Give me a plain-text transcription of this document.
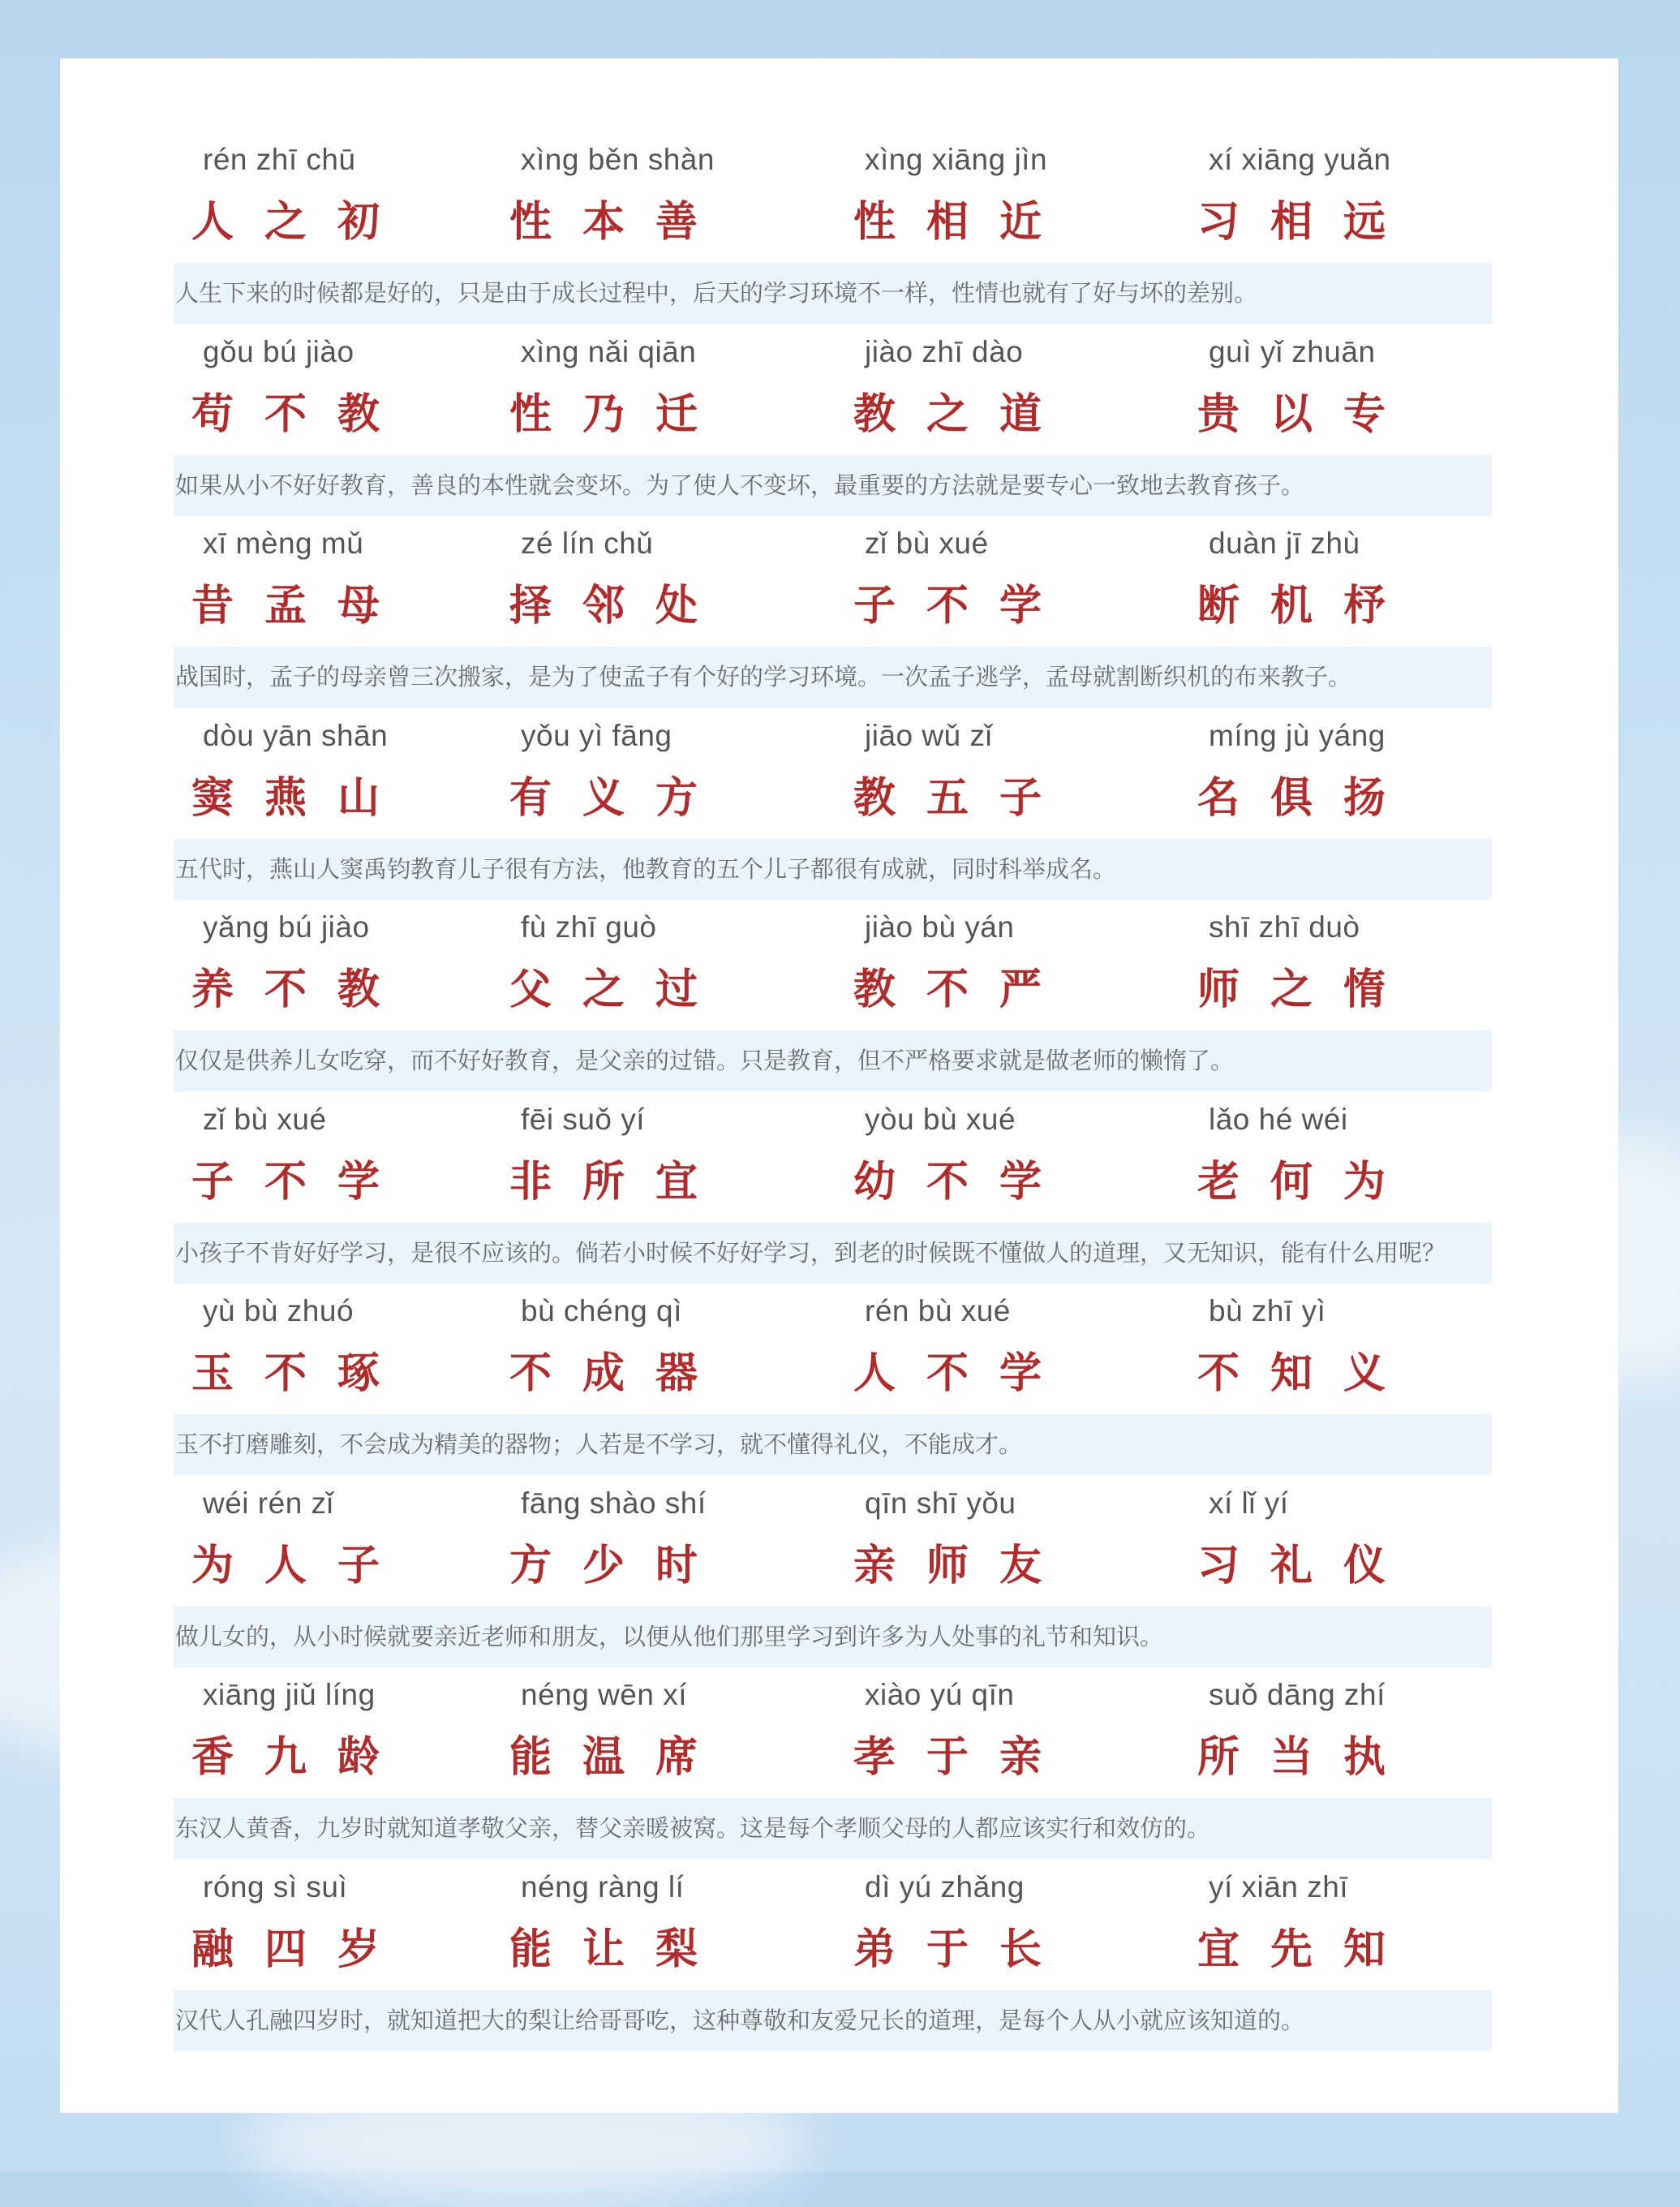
rén zhī chū
人之初
xìng běn shàn
性本善
xìng xiāng jìn
性相近
xí xiāng yuǎn
习相远
人生下来的时候都是好的，只是由于成长过程中，后天的学习环境不一样，性情也就有了好与坏的差别。
gǒu bú jiào
苟不教
xìng nǎi qiān
性乃迁
jiào zhī dào
教之道
guì yǐ zhuān
贵以专
如果从小不好好教育，善良的本性就会变坏。为了使人不变坏，最重要的方法就是要专心一致地去教育孩子。
xī mèng mǔ
昔孟母
zé lín chǔ
择邻处
zǐ bù xué
子不学
duàn jī zhù
断机杼
战国时，孟子的母亲曾三次搬家，是为了使孟子有个好的学习环境。一次孟子逃学，孟母就割断织机的布来教子。
dòu yān shān
窦燕山
yǒu yì fāng
有义方
jiāo wǔ zǐ
教五子
míng jù yáng
名俱扬
五代时，燕山人窦禹钧教育儿子很有方法，他教育的五个儿子都很有成就，同时科举成名。
yǎng bú jiào
养不教
fù zhī guò
父之过
jiào bù yán
教不严
shī zhī duò
师之惰
仅仅是供养儿女吃穿，而不好好教育，是父亲的过错。只是教育，但不严格要求就是做老师的懒惰了。
zǐ bù xué
子不学
fēi suǒ yí
非所宜
yòu bù xué
幼不学
lǎo hé wéi
老何为
小孩子不肯好好学习，是很不应该的。倘若小时候不好好学习，到老的时候既不懂做人的道理，又无知识，能有什么用呢？
yù bù zhuó
玉不琢
bù chéng qì
不成器
rén bù xué
人不学
bù zhī yì
不知义
玉不打磨雕刻，不会成为精美的器物；人若是不学习，就不懂得礼仪，不能成才。
wéi rén zǐ
为人子
fāng shào shí
方少时
qīn shī yǒu
亲师友
xí lǐ yí
习礼仪
做儿女的，从小时候就要亲近老师和朋友，以便从他们那里学习到许多为人处事的礼节和知识。
xiāng jiǔ líng
香九龄
néng wēn xí
能温席
xiào yú qīn
孝于亲
suǒ dāng zhí
所当执
东汉人黄香，九岁时就知道孝敬父亲，替父亲暖被窝。这是每个孝顺父母的人都应该实行和效仿的。
róng sì suì
融四岁
néng ràng lí
能让梨
dì yú zhǎng
弟于长
yí xiān zhī
宜先知
汉代人孔融四岁时，就知道把大的梨让给哥哥吃，这种尊敬和友爱兄长的道理，是每个人从小就应该知道的。
